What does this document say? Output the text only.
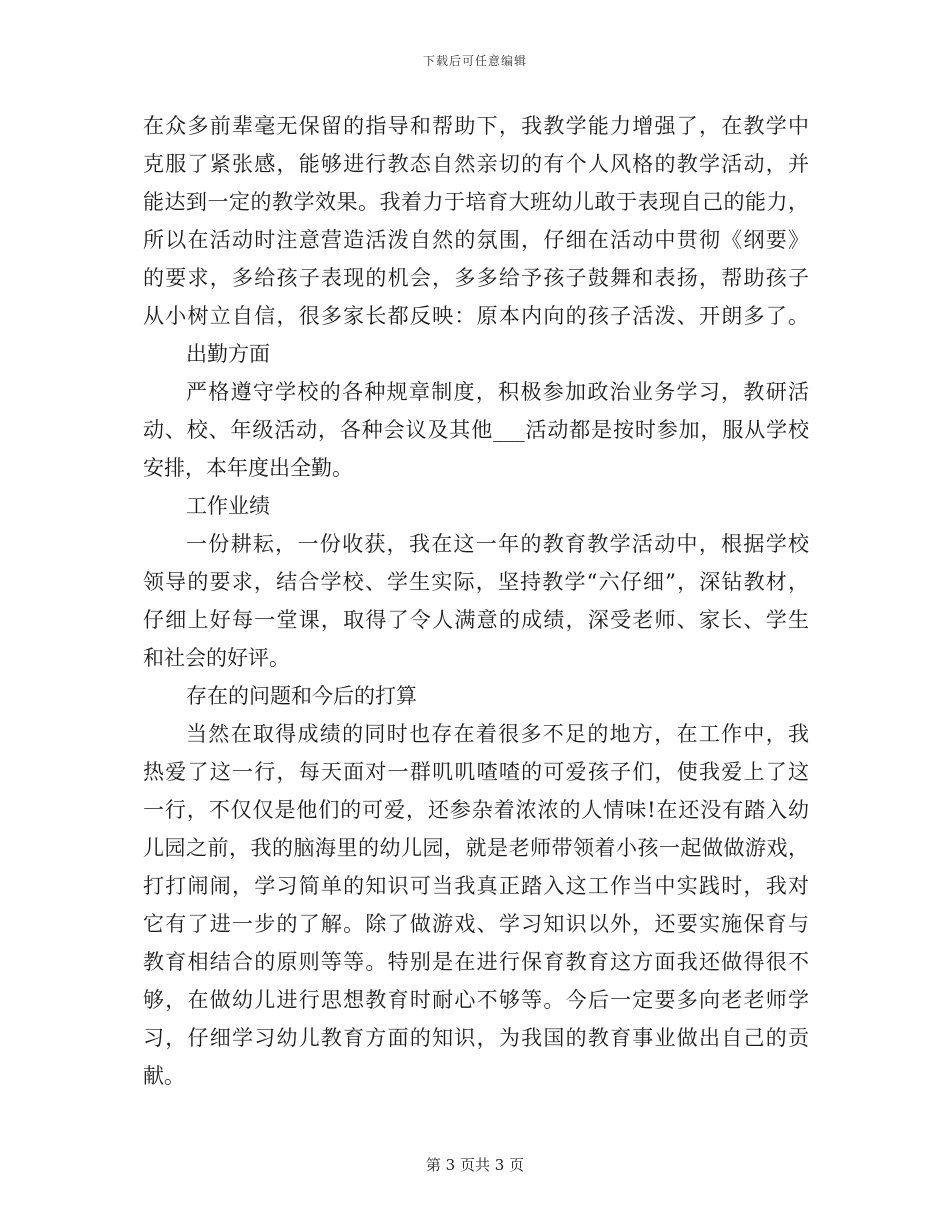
下载后可任意编辑
在众多前辈毫无保留的指导和帮助下，我教学能力增强了，在教学中
克服了紧张感，能够进行教态自然亲切的有个人风格的教学活动，并
能达到一定的教学效果。我着力于培育大班幼儿敢于表现自己的能力，
所以在活动时注意营造活泼自然的氛围，仔细在活动中贯彻《纲要》
的要求，多给孩子表现的机会，多多给予孩子鼓舞和表扬，帮助孩子
从小树立自信，很多家长都反映：原本内向的孩子活泼、开朗多了。
出勤方面
严格遵守学校的各种规章制度，积极参加政治业务学习，教研活
动、校、年级活动，各种会议及其他___活动都是按时参加，服从学校
安排，本年度出全勤。
工作业绩
一份耕耘，一份收获，我在这一年的教育教学活动中，根据学校
领导的要求，结合学校、学生实际，坚持教学“六仔细”，深钻教材，
仔细上好每一堂课，取得了令人满意的成绩，深受老师、家长、学生
和社会的好评。
存在的问题和今后的打算
当然在取得成绩的同时也存在着很多不足的地方，在工作中，我
热爱了这一行，每天面对一群叽叽喳喳的可爱孩子们，使我爱上了这
一行，不仅仅是他们的可爱，还参杂着浓浓的人情味!在还没有踏入幼
儿园之前，我的脑海里的幼儿园，就是老师带领着小孩一起做做游戏，
打打闹闹，学习简单的知识可当我真正踏入这工作当中实践时，我对
它有了进一步的了解。除了做游戏、学习知识以外，还要实施保育与
教育相结合的原则等等。特别是在进行保育教育这方面我还做得很不
够，在做幼儿进行思想教育时耐心不够等。今后一定要多向老老师学
习，仔细学习幼儿教育方面的知识，为我国的教育事业做出自己的贡
献。
第 3 页共 3 页
